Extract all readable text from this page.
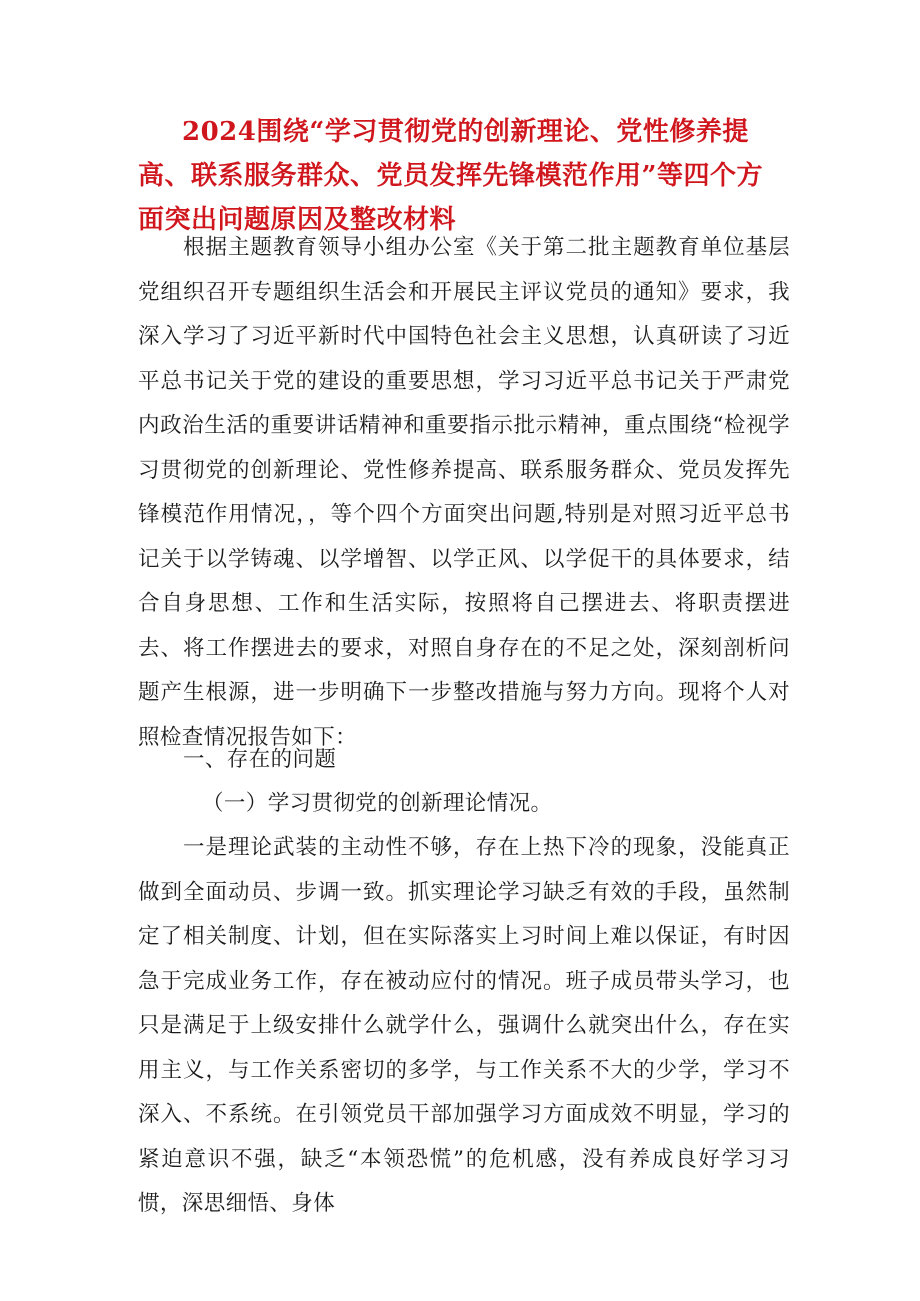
2024围绕“学习贯彻党的创新理论、党性修养提高、联系服务群众、党员发挥先锋模范作用”等四个方面突出问题原因及整改材料
根据主题教育领导小组办公室《关于第二批主题教育单位基层党组织召开专题组织生活会和开展民主评议党员的通知》要求，我深入学习了习近平新时代中国特色社会主义思想，认真研读了习近平总书记关于党的建设的重要思想，学习习近平总书记关于严肃党内政治生活的重要讲话精神和重要指示批示精神，重点围绕“检视学习贯彻党的创新理论、党性修养提高、联系服务群众、党员发挥先锋模范作用情况，，等个四个方面突出问题,特别是对照习近平总书记关于以学铸魂、以学增智、以学正风、以学促干的具体要求，结合自身思想、工作和生活实际，按照将自己摆进去、将职责摆进去、将工作摆进去的要求，对照自身存在的不足之处，深刻剖析问题产生根源，进一步明确下一步整改措施与努力方向。现将个人对照检查情况报告如下：
一、存在的问题
（一）学习贯彻党的创新理论情况。
一是理论武装的主动性不够，存在上热下冷的现象，没能真正做到全面动员、步调一致。抓实理论学习缺乏有效的手段，虽然制定了相关制度、计划，但在实际落实上习时间上难以保证，有时因急于完成业务工作，存在被动应付的情况。班子成员带头学习，也只是满足于上级安排什么就学什么，强调什么就突出什么，存在实用主义，与工作关系密切的多学，与工作关系不大的少学，学习不深入、不系统。在引领党员干部加强学习方面成效不明显，学习的紧迫意识不强，缺乏“本领恐慌”的危机感，没有养成良好学习习惯，深思细悟、身体
